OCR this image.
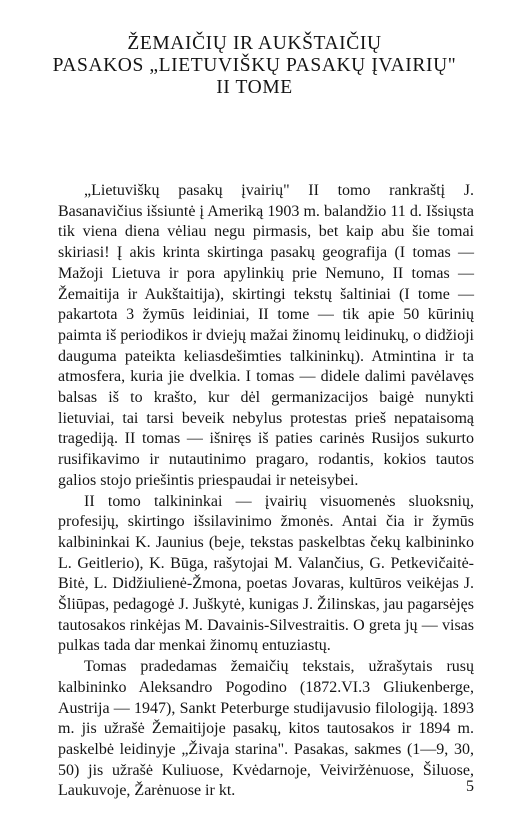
ŽEMAIČIŲ IR AUKŠTAIČIŲ
PASAKOS „LIETUVIŠKŲ PASAKŲ ĮVAIRIŲ"
II TOME

„Lietuviškų pasakų įvairių" II tomo rankraštį J. Basanavičius išsiuntė į Ameriką 1903 m. balandžio 11 d. Išsiųsta tik viena diena vėliau negu pirmasis, bet kaip abu šie tomai skiriasi! Į akis krinta skirtinga pasakų geografija (I tomas — Mažoji Lietuva ir pora apylinkių prie Nemuno, II tomas — Žemaitija ir Aukštaitija), skirtingi tekstų šaltiniai (I tome — pakartota 3 žymūs leidiniai, II tome — tik apie 50 kūrinių paimta iš periodikos ir dviejų mažai žinomų leidinukų, o didžioji dauguma pateikta keliasdešimties talkininkų). Atmintina ir ta atmosfera, kuria jie dvelkia. I tomas — didele dalimi pavėlavęs balsas iš to krašto, kur dėl germanizacijos baigė nunykti lietuviai, tai tarsi beveik nebylus protestas prieš nepataisomą tragediją. II tomas — išniręs iš paties carinės Rusijos sukurto rusifikavimo ir nutautinimo pragaro, rodantis, kokios tautos galios stojo priešintis priespaudai ir neteisybei.

II tomo talkininkai — įvairių visuomenės sluoksnių, profesijų, skirtingo išsilavinimo žmonės. Antai čia ir žymūs kalbininkai K. Jaunius (beje, tekstas paskelbtas čekų kalbininko L. Geitlerio), K. Būga, rašytojai M. Valančius, G. Petkevičaitė-Bitė, L. Didžiulienė-Žmona, poetas Jovaras, kultūros veikėjas J. Šliūpas, pedagogė J. Juškytė, kunigas J. Žilinskas, jau pagarsėjęs tautosakos rinkėjas M. Davainis-Silvestraitis. O greta jų — visas pulkas tada dar menkai žinomų entuziastų.

Tomas pradedamas žemaičių tekstais, užrašytais rusų kalbininko Aleksandro Pogodino (1872.VI.3 Gliukenberge, Austrija — 1947), Sankt Peterburge studijavusio filologiją. 1893 m. jis užrašė Žemaitijoje pasakų, kitos tautosakos ir 1894 m. paskelbė leidinyje „Živaja starina". Pasakas, sakmes (1—9, 30, 50) jis užrašė Kuliuose, Kvėdarnoje, Veiviržėnuose, Šiluose, Laukuvoje, Žarėnuose ir kt.	5
